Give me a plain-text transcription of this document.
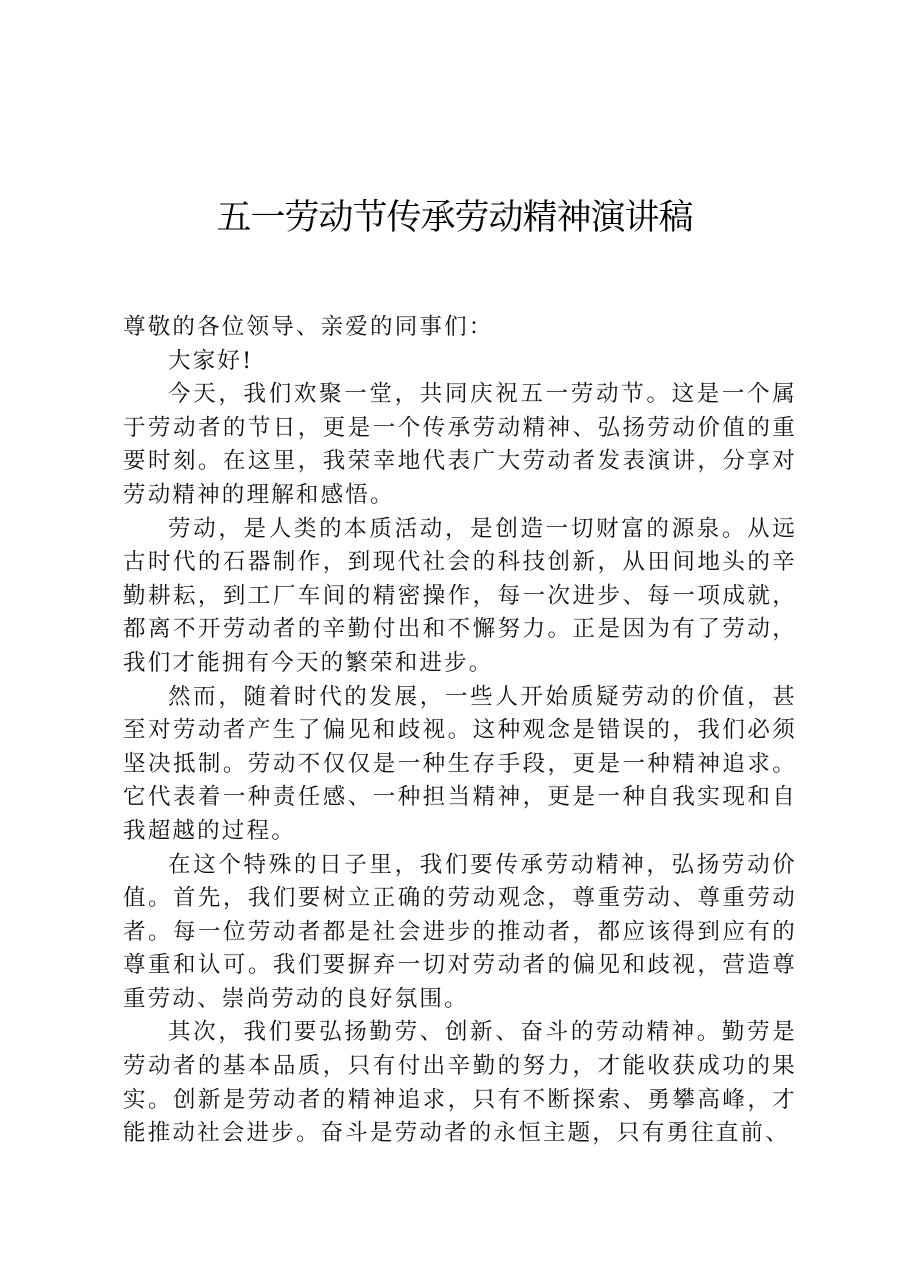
五一劳动节传承劳动精神演讲稿

尊敬的各位领导、亲爱的同事们：

大家好!

今天，我们欢聚一堂，共同庆祝五一劳动节。这是一个属于劳动者的节日，更是一个传承劳动精神、弘扬劳动价值的重要时刻。在这里，我荣幸地代表广大劳动者发表演讲，分享对劳动精神的理解和感悟。

劳动，是人类的本质活动，是创造一切财富的源泉。从远古时代的石器制作，到现代社会的科技创新，从田间地头的辛勤耕耘，到工厂车间的精密操作，每一次进步、每一项成就，都离不开劳动者的辛勤付出和不懈努力。正是因为有了劳动，我们才能拥有今天的繁荣和进步。

然而，随着时代的发展，一些人开始质疑劳动的价值，甚至对劳动者产生了偏见和歧视。这种观念是错误的，我们必须坚决抵制。劳动不仅仅是一种生存手段，更是一种精神追求。它代表着一种责任感、一种担当精神，更是一种自我实现和自我超越的过程。

在这个特殊的日子里，我们要传承劳动精神，弘扬劳动价值。首先，我们要树立正确的劳动观念，尊重劳动、尊重劳动者。每一位劳动者都是社会进步的推动者，都应该得到应有的尊重和认可。我们要摒弃一切对劳动者的偏见和歧视，营造尊重劳动、崇尚劳动的良好氛围。

其次，我们要弘扬勤劳、创新、奋斗的劳动精神。勤劳是劳动者的基本品质，只有付出辛勤的努力，才能收获成功的果实。创新是劳动者的精神追求，只有不断探索、勇攀高峰，才能推动社会进步。奋斗是劳动者的永恒主题，只有勇往直前、
